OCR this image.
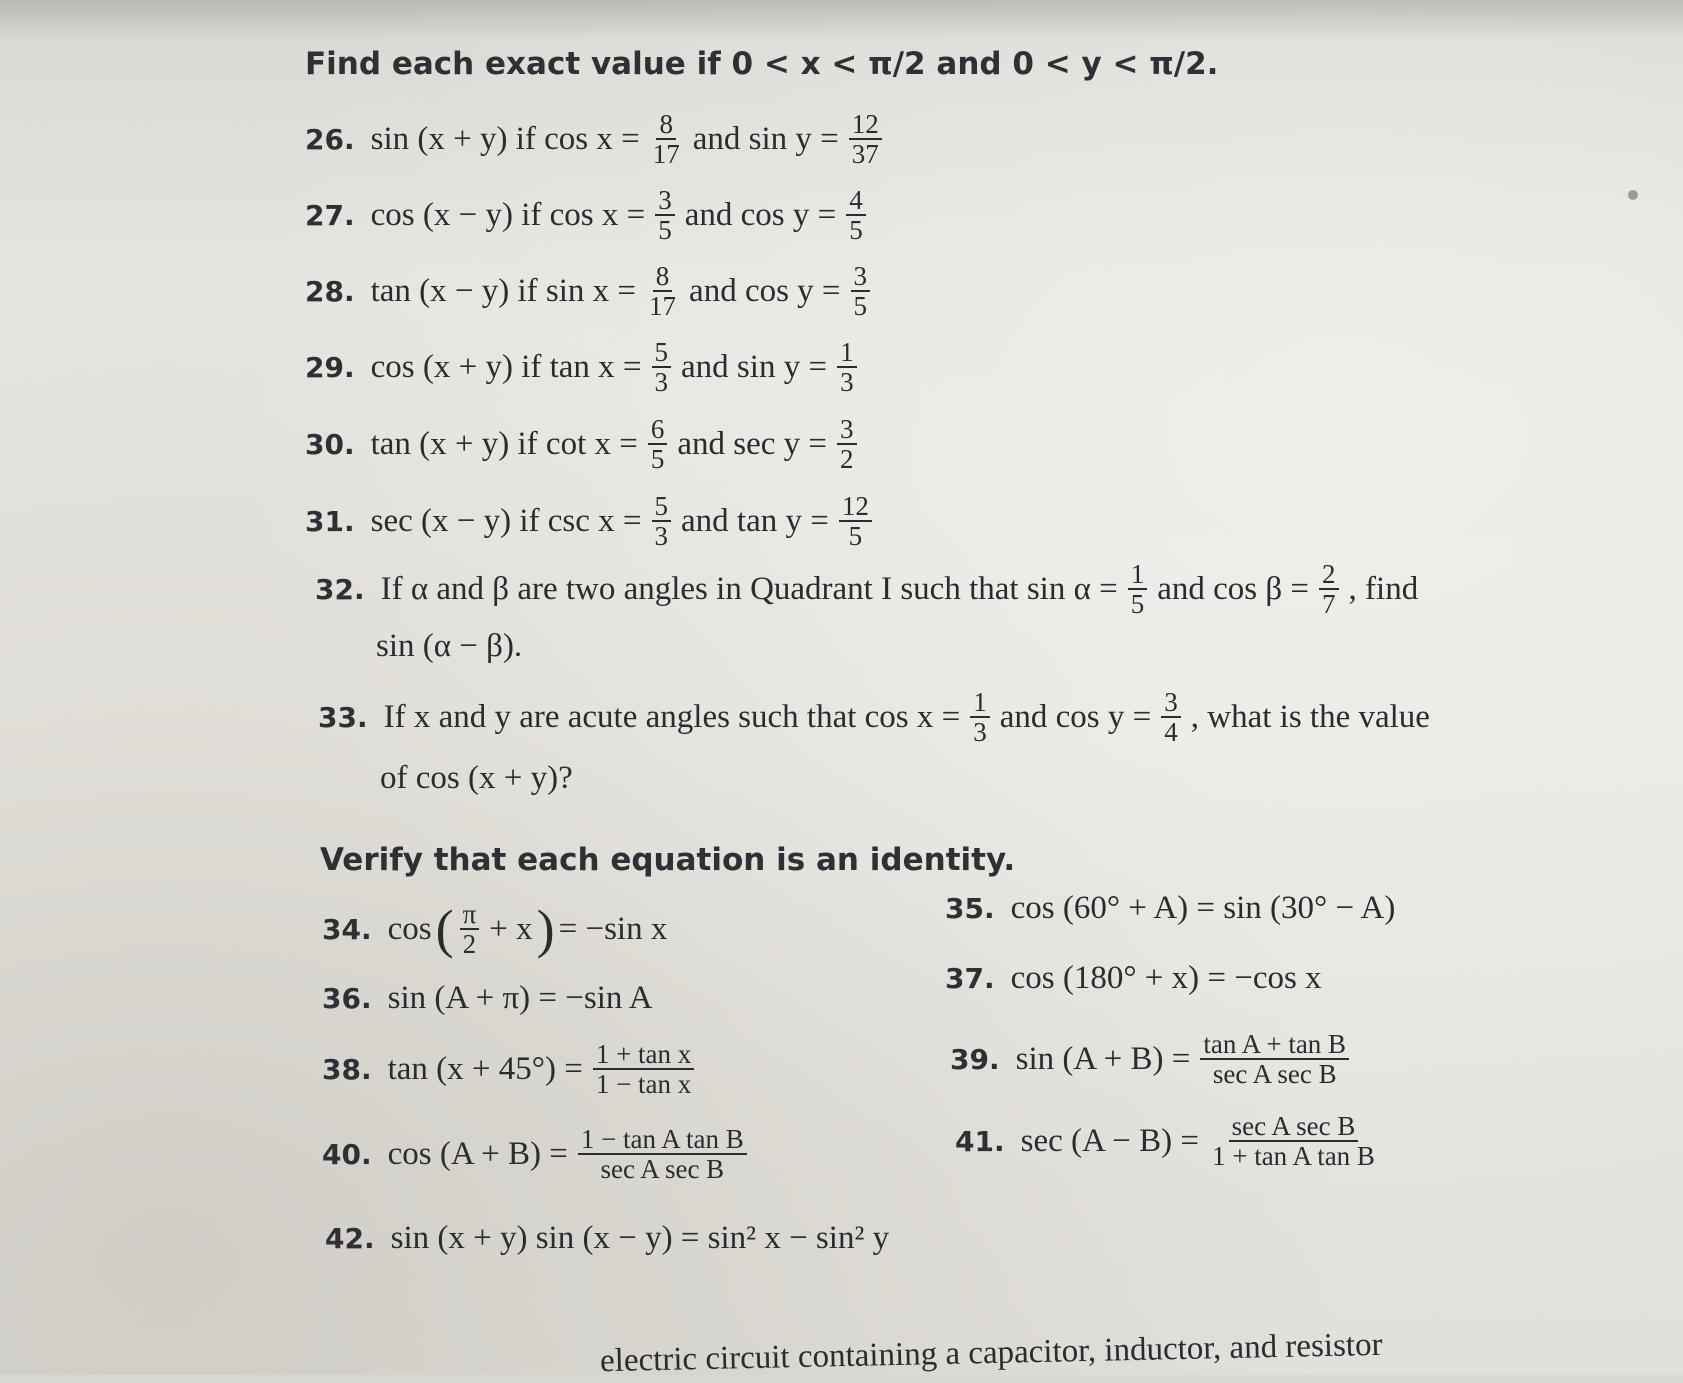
Find each exact value if 0 < x < π/2 and 0 < y < π/2.
26. sin (x + y) if $\cos x = \frac{8}{17}$ and $\sin y = \frac{12}{37}$
27. cos (x − y) if $\cos x = \frac{3}{5}$ and $\cos y = \frac{4}{5}$
28. tan (x − y) if $\sin x = \frac{8}{17}$ and $\cos y = \frac{3}{5}$
29. cos (x + y) if $\tan x = \frac{5}{3}$ and $\sin y = \frac{1}{3}$
30. tan (x + y) if $\cot x = \frac{6}{5}$ and $\sec y = \frac{3}{2}$
31. sec (x − y) if $\csc x = \frac{5}{3}$ and $\tan y = \frac{12}{5}$
32. If α and β are two angles in Quadrant I such that $\sin \alpha = \frac{1}{5}$ and $\cos \beta = \frac{2}{7}$ , find
33. If x and y are acute angles such that $\cos x = \frac{1}{3}$ and $\cos y = \frac{3}{4}$ , what is the value
sin (α − β).
of cos (x + y)?
Verify that each equation is an identity.
34. cos ( $\frac{\pi}{2} + x$ ) = −sin x
35. cos (60° + A) = sin (30° − A)
36. sin (A + π) = −sin A
37. cos (180° + x) = −cos x
38. $\tan (x + 45^\circ) = \frac{\text{1 + tan x}}{\text{1 − tan x}}$	39. $\sin (A + B) = \frac{\text{tan A + tan B}}{\text{sec A sec B}}$
40. $\cos (A + B) = \frac{\text{1 − tan A tan B}}{\text{sec A sec B}}$	41. $\sec (A - B) = \frac{\text{sec A sec B}}{\text{1 + tan A tan B}}$
42. sin (x + y) sin (x − y) = sin² x − sin² y
electric circuit containing a capacitor, inductor, and resistor
